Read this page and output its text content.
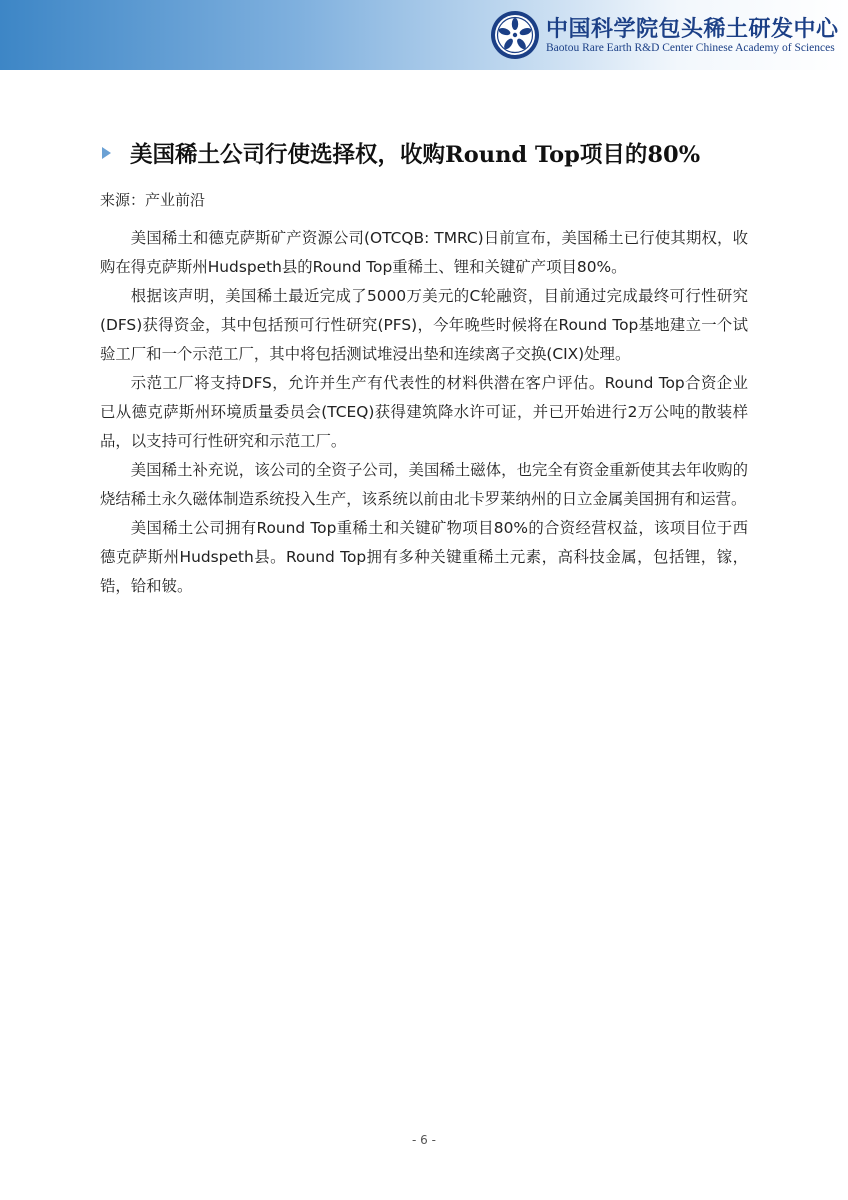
中国科学院包头稀土研发中心
Baotou Rare Earth R&D Center Chinese Academy of Sciences
美国稀土公司行使选择权，收购Round Top项目的80%
来源：产业前沿

美国稀土和德克萨斯矿产资源公司(OTCQB: TMRC)日前宣布，美国稀土已行使其期权，收购在得克萨斯州Hudspeth县的Round Top重稀土、锂和关键矿产项目80%。

根据该声明，美国稀土最近完成了5000万美元的C轮融资，目前通过完成最终可行性研究(DFS)获得资金，其中包括预可行性研究(PFS)，今年晚些时候将在Round Top基地建立一个试验工厂和一个示范工厂，其中将包括测试堆浸出垫和连续离子交换(CIX)处理。

示范工厂将支持DFS，允许并生产有代表性的材料供潜在客户评估。Round Top合资企业已从德克萨斯州环境质量委员会(TCEQ)获得建筑降水许可证，并已开始进行2万公吨的散装样品，以支持可行性研究和示范工厂。

美国稀土补充说，该公司的全资子公司，美国稀土磁体，也完全有资金重新使其去年收购的烧结稀土永久磁体制造系统投入生产，该系统以前由北卡罗莱纳州的日立金属美国拥有和运营。

美国稀土公司拥有Round Top重稀土和关键矿物项目80%的合资经营权益，该项目位于西德克萨斯州Hudspeth县。Round Top拥有多种关键重稀土元素，高科技金属，包括锂，镓，锆，铪和铍。

- 6 -
